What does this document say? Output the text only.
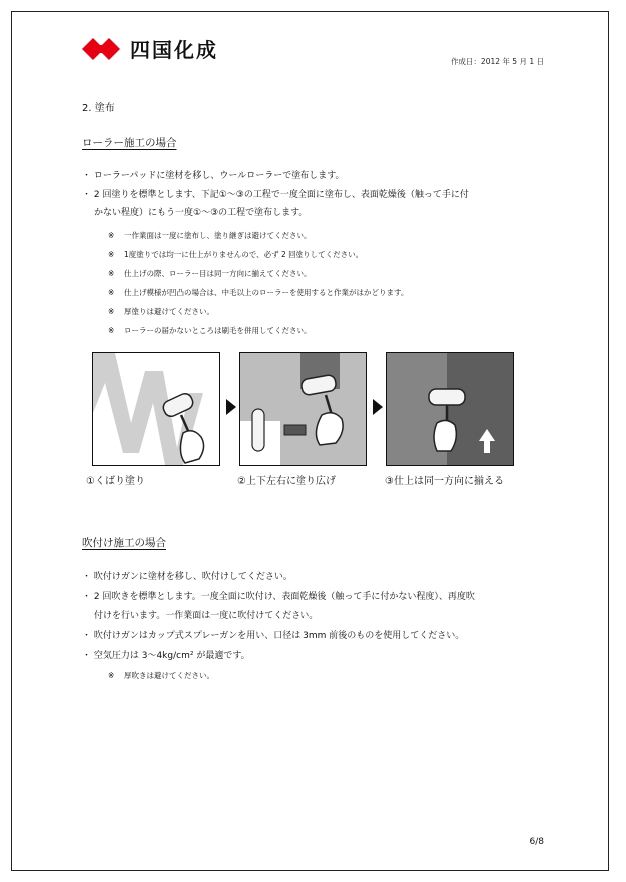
四国化成	作成日：2012 年 5 月 1 日
2. 塗布
ローラー施工の場合
・ ローラーパッドに塗材を移し、ウールローラーで塗布します。
・ 2 回塗りを標準とします、下記①～③の工程で一度全面に塗布し、表面乾燥後（触って手に付
かない程度）にもう一度①～③の工程で塗布します。
※ 一作業面は一度に塗布し、塗り継ぎは避けてください。
※ 1度塗りでは均一に仕上がりませんので、必ず 2 回塗りしてください。
※ 仕上げの際、ローラー目は同一方向に揃えてください。
※ 仕上げ模様が凹凸の場合は、中毛以上のローラーを使用すると作業がはかどります。
※ 厚塗りは避けてください。
※ ローラーの届かないところは刷毛を併用してください。
①くばり塗り	②上下左右に塗り広げ	③仕上は同一方向に揃える
吹付け施工の場合
・ 吹付けガンに塗材を移し、吹付けしてください。
・ 2 回吹きを標準とします。一度全面に吹付け、表面乾燥後（触って手に付かない程度）、再度吹
付けを行います。一作業面は一度に吹付けてください。
・ 吹付けガンはカップ式スプレーガンを用い、口径は 3mm 前後のものを使用してください。
・ 空気圧力は 3～4kg/cm² が最適です。
※ 厚吹きは避けてください。
6/8
